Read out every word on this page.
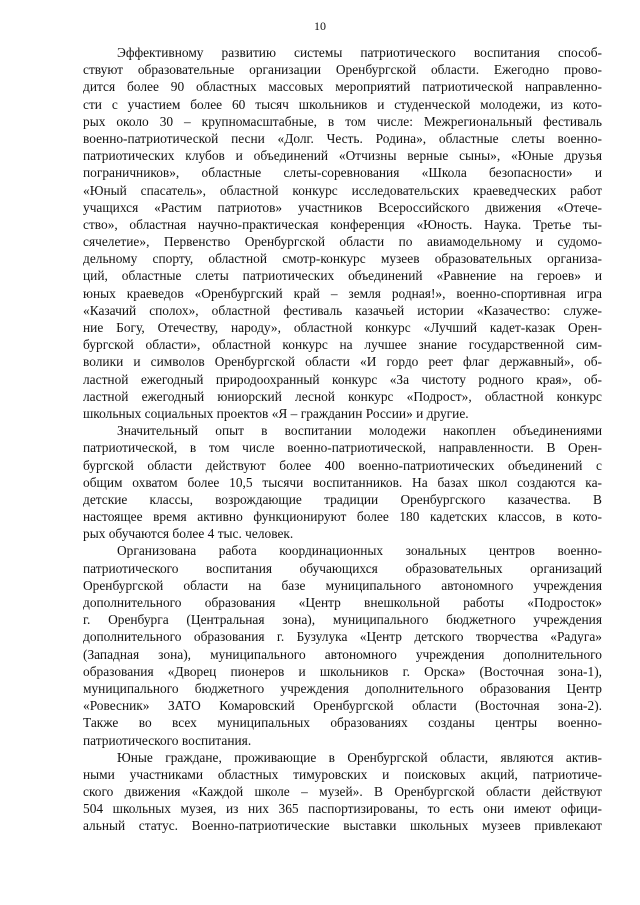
10
Эффективному развитию системы патриотического воспитания способ-
ствуют образовательные организации Оренбургской области. Ежегодно прово-
дится более 90 областных массовых мероприятий патриотической направленно-
сти с участием более 60 тысяч школьников и студенческой молодежи, из кото-
рых около 30 – крупномасштабные, в том числе: Межрегиональный фестиваль
военно-патриотической песни «Долг. Честь. Родина», областные слеты военно-
патриотических клубов и объединений «Отчизны верные сыны», «Юные друзья
пограничников», областные слеты-соревнования «Школа безопасности» и
«Юный спасатель», областной конкурс исследовательских краеведческих работ
учащихся «Растим патриотов» участников Всероссийского движения «Отече-
ство», областная научно-практическая конференция «Юность. Наука. Третье ты-
сячелетие», Первенство Оренбургской области по авиамодельному и судомо-
дельному спорту, областной смотр-конкурс музеев образовательных организа-
ций, областные слеты патриотических объединений «Равнение на героев» и
юных краеведов «Оренбургский край – земля родная!», военно-спортивная игра
«Казачий сполох», областной фестиваль казачьей истории «Казачество: служе-
ние Богу, Отечеству, народу», областной конкурс «Лучший кадет-казак Орен-
бургской области», областной конкурс на лучшее знание государственной сим-
волики и символов Оренбургской области «И гордо реет флаг державный», об-
ластной ежегодный природоохранный конкурс «За чистоту родного края», об-
ластной ежегодный юниорский лесной конкурс «Подрост», областной конкурс
школьных социальных проектов «Я – гражданин России» и другие.
Значительный опыт в воспитании молодежи накоплен объединениями
патриотической, в том числе военно-патриотической, направленности. В Орен-
бургской области действуют более 400 военно-патриотических объединений с
общим охватом более 10,5 тысячи воспитанников. На базах школ создаются ка-
детские классы, возрождающие традиции Оренбургского казачества. В
настоящее время активно функционируют более 180 кадетских классов, в кото-
рых обучаются более 4 тыс. человек.
Организована работа координационных зональных центров военно-
патриотического воспитания обучающихся образовательных организаций
Оренбургской области на базе муниципального автономного учреждения
дополнительного образования «Центр внешкольной работы «Подросток»
г. Оренбурга (Центральная зона), муниципального бюджетного учреждения
дополнительного образования г. Бузулука «Центр детского творчества «Радуга»
(Западная зона), муниципального автономного учреждения дополнительного
образования «Дворец пионеров и школьников г. Орска» (Восточная зона-1),
муниципального бюджетного учреждения дополнительного образования Центр
«Ровесник» ЗАТО Комаровский Оренбургской области (Восточная зона-2).
Также во всех муниципальных образованиях созданы центры военно-
патриотического воспитания.
Юные граждане, проживающие в Оренбургской области, являются актив-
ными участниками областных тимуровских и поисковых акций, патриотиче-
ского движения «Каждой школе – музей». В Оренбургской области действуют
504 школьных музея, из них 365 паспортизированы, то есть они имеют офици-
альный статус. Военно-патриотические выставки школьных музеев привлекают
